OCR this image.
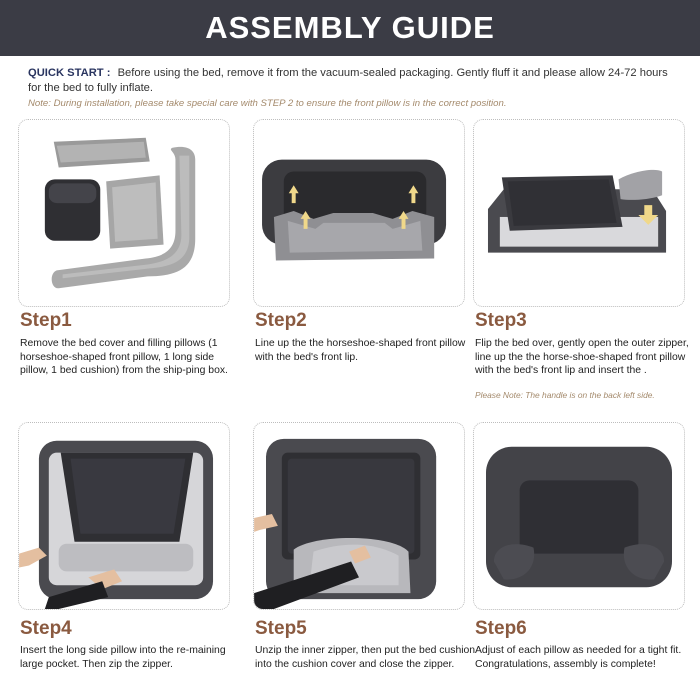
ASSEMBLY GUIDE
QUICK START : Before using the bed, remove it from the vacuum-sealed packaging. Gently fluff it and please allow 24-72 hours for the bed to fully inflate.
Note: During installation, please take special care with STEP 2 to ensure the front pillow is in the correct position.
Step1
Remove the bed cover and filling pillows (1 horseshoe-shaped front pillow, 1 long side pillow, 1 bed cushion) from the ship-ping box.
Step2
Line up the the horseshoe-shaped front pillow with the bed's front lip.
Step3
Flip the bed over, gently open the outer zipper, line up the the horse-shoe-shaped front pillow with the bed's front lip and insert the .
Please Note: The handle is on the back left side.
Step4
Insert the long side pillow into the re-maining large pocket. Then zip the zipper.
Step5
Unzip the inner zipper, then put the bed cushion into the cushion cover and close the zipper.
Step6
Adjust of each pillow as needed for a tight fit. Congratulations, assembly is complete!
